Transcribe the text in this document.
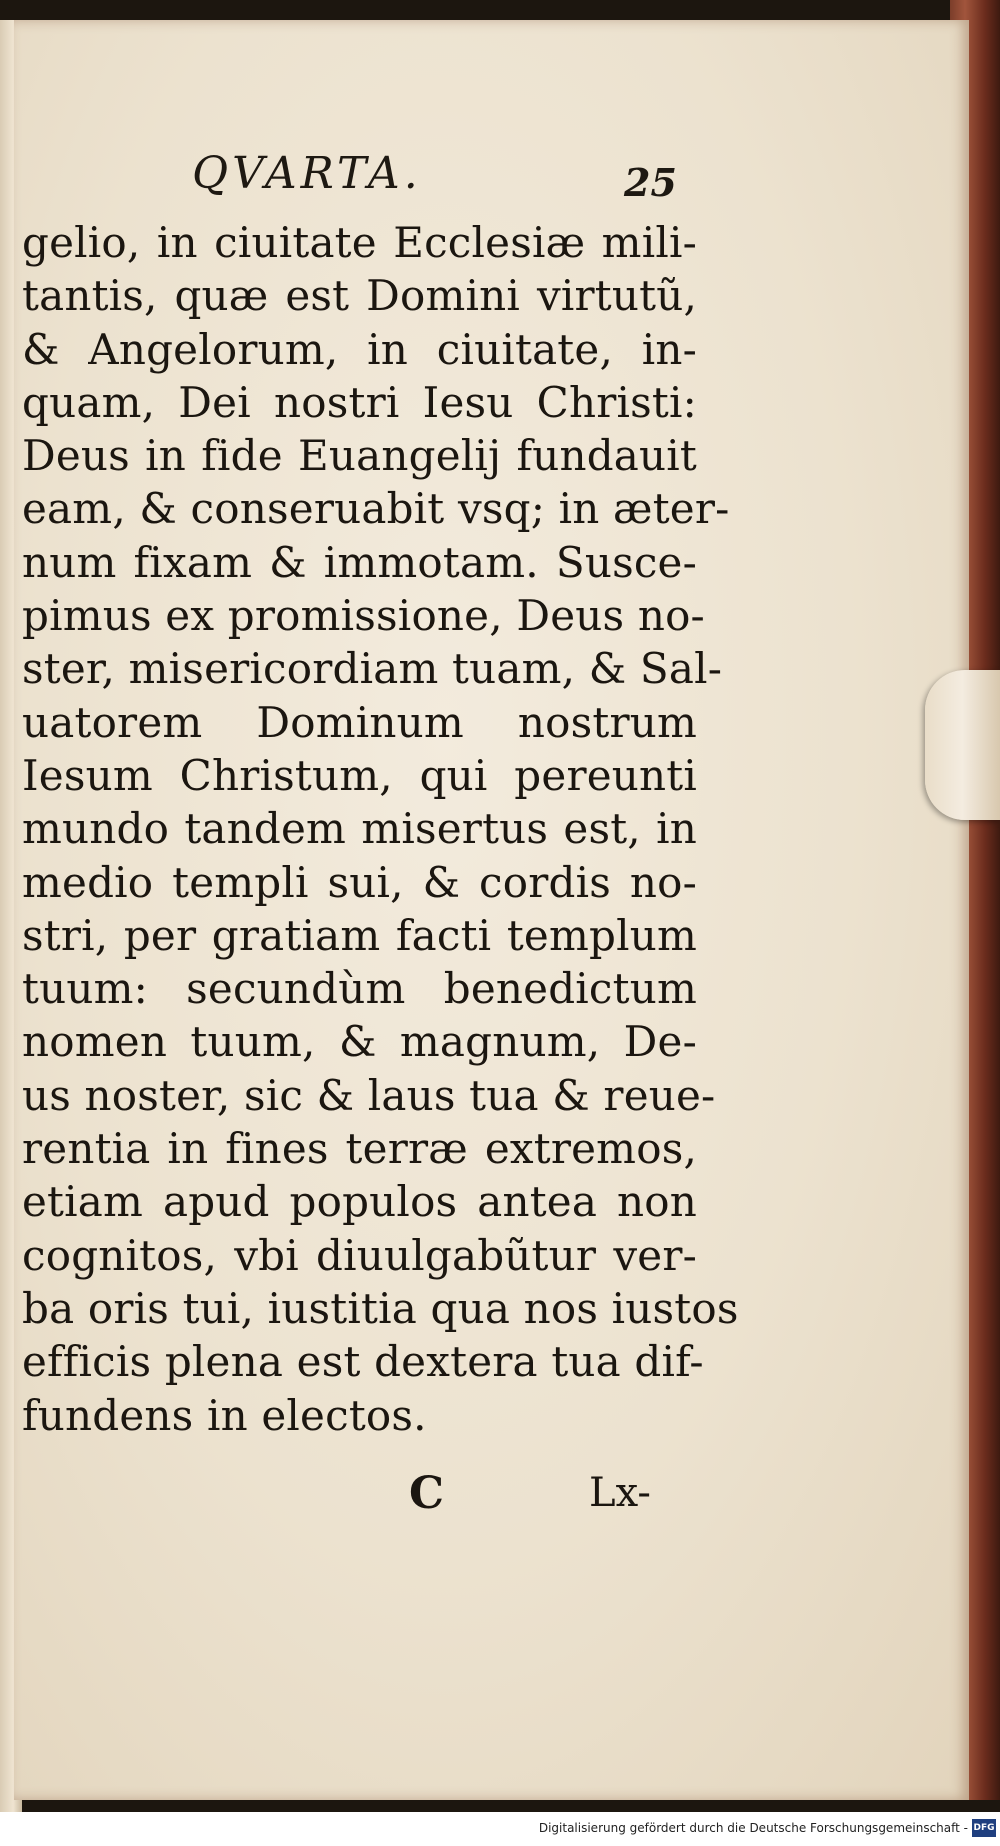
QVARTA.	25
gelio, in ciuitate Ecclesiæ mili-
tantis, quæ est Domini virtutũ,
& Angelorum, in ciuitate, in-
quam, Dei nostri Iesu Christi:
Deus in fide Euangelij fundauit
eam, & conseruabit vsq; in æter-
num fixam & immotam. Susce-
pimus ex promissione, Deus no-
ster, misericordiam tuam, & Sal-
uatorem Dominum nostrum
Iesum Christum, qui pereunti
mundo tandem misertus est, in
medio templi sui, & cordis no-
stri, per gratiam facti templum
tuum: secundùm benedictum
nomen tuum, & magnum, De-
us noster, sic & laus tua & reue-
rentia in fines terræ extremos,
etiam apud populos antea non
cognitos, vbi diuulgabũtur ver-
ba oris tui, iustitia qua nos iustos
efficis plena est dextera tua dif-
fundens in electos.
C	Lx-
Digitalisierung gefördert durch die Deutsche Forschungsgemeinschaft - DFG
